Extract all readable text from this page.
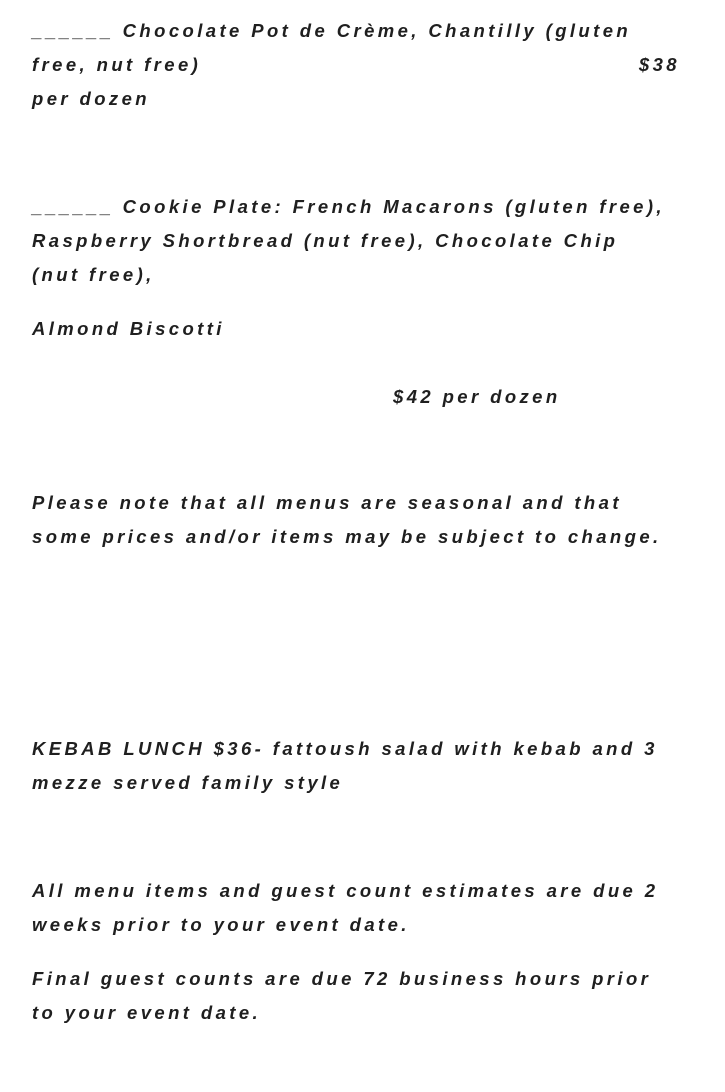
______ Chocolate Pot de Crème, Chantilly (gluten
free, nut free)	$38
per dozen
______ Cookie Plate: French Macarons (gluten free),
Raspberry Shortbread (nut free), Chocolate Chip
(nut free),
Almond Biscotti
$42 per dozen
Please note that all menus are seasonal and that
some prices and/or items may be subject to change.
KEBAB LUNCH $36- fattoush salad with kebab and 3
mezze served family style
All menu items and guest count estimates are due 2
weeks prior to your event date.
Final guest counts are due 72 business hours prior
to your event date.
